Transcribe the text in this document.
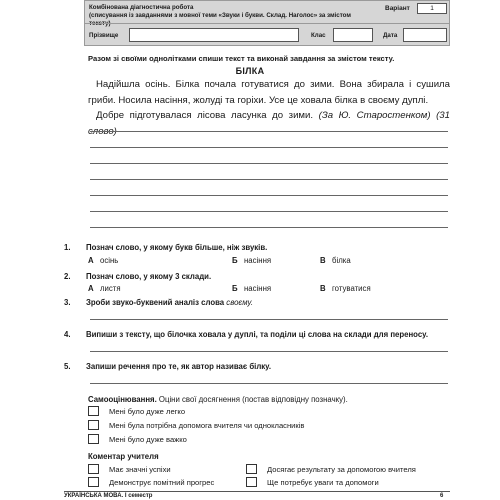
Комбінована діагностична робота
(списування із завданнями з мовної теми «Звуки і букви. Склад. Наголос» за змістом тексту)
Варіант	1
Прізвище	Клас	Дата
Разом зі своїми однолітками спиши текст та виконай завдання за змістом тексту.
БІЛКА
Надійшла осінь. Білка почала готуватися до зими. Вона збирала і сушила гриби. Носила насіння, жолуді та горіхи. Усе це ховала білка в своєму дуплі.
Добре підготувалася лісова ласунка до зими. (За Ю. Старостенком) (31 слово)
1. Познач слово, у якому букв більше, ніж звуків.
А осінь	Б насіння	В білка
2. Познач слово, у якому 3 склади.
А листя	Б насіння	В готуватися
3. Зроби звуко-буквений аналіз слова своєму.
4. Випиши з тексту, що білочка ховала у дуплі, та поділи ці слова на склади для переносу.
5. Запиши речення про те, як автор називає білку.
Самооцінювання. Оціни свої досягнення (постав відповідну позначку).
Мені було дуже легко
Мені була потрібна допомога вчителя чи однокласників
Мені було дуже важко
Коментар учителя
Має значні успіхи	Досягає результату за допомогою вчителя
Демонструє помітний прогрес	Ще потребує уваги та допомоги
УКРАЇНСЬКА МОВА. І семестр	6
